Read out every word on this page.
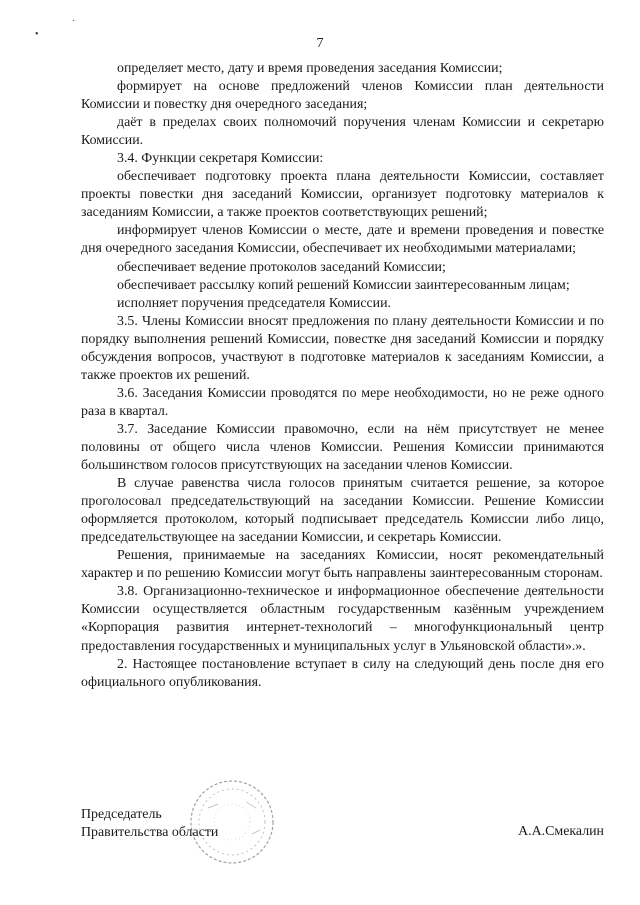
•
˙
7

определяет место, дату и время проведения заседания Комиссии;

формирует на основе предложений членов Комиссии план деятельности Комиссии и повестку дня очередного заседания;

даёт в пределах своих полномочий поручения членам Комиссии и секретарю Комиссии.

3.4. Функции секретаря Комиссии:

обеспечивает подготовку проекта плана деятельности Комиссии, составляет проекты повестки дня заседаний Комиссии, организует подготовку материалов к заседаниям Комиссии, а также проектов соответствующих решений;

информирует членов Комиссии о месте, дате и времени проведения и повестке дня очередного заседания Комиссии, обеспечивает их необходимыми материалами;

обеспечивает ведение протоколов заседаний Комиссии;

обеспечивает рассылку копий решений Комиссии заинтересованным лицам;

исполняет поручения председателя Комиссии.

3.5. Члены Комиссии вносят предложения по плану деятельности Комиссии и по порядку выполнения решений Комиссии, повестке дня заседаний Комиссии и порядку обсуждения вопросов, участвуют в подготовке материалов к заседаниям Комиссии, а также проектов их решений.

3.6. Заседания Комиссии проводятся по мере необходимости, но не реже одного раза в квартал.

3.7. Заседание Комиссии правомочно, если на нём присутствует не менее половины от общего числа членов Комиссии. Решения Комиссии принимаются большинством голосов присутствующих на заседании членов Комиссии.

В случае равенства числа голосов принятым считается решение, за которое проголосовал председательствующий на заседании Комиссии. Решение Комиссии оформляется протоколом, который подписывает председатель Комиссии либо лицо, председательствующее на заседании Комиссии, и секретарь Комиссии.

Решения, принимаемые на заседаниях Комиссии, носят рекомендательный характер и по решению Комиссии могут быть направлены заинтересованным сторонам.

3.8. Организационно-техническое и информационное обеспечение деятельности Комиссии осуществляется областным государственным казённым учреждением «Корпорация развития интернет-технологий – многофункциональный центр предоставления государственных и муниципальных услуг в Ульяновской области».».

2. Настоящее постановление вступает в силу на следующий день после дня его официального опубликования.

Председатель
Правительства области	А.А.Смекалин
